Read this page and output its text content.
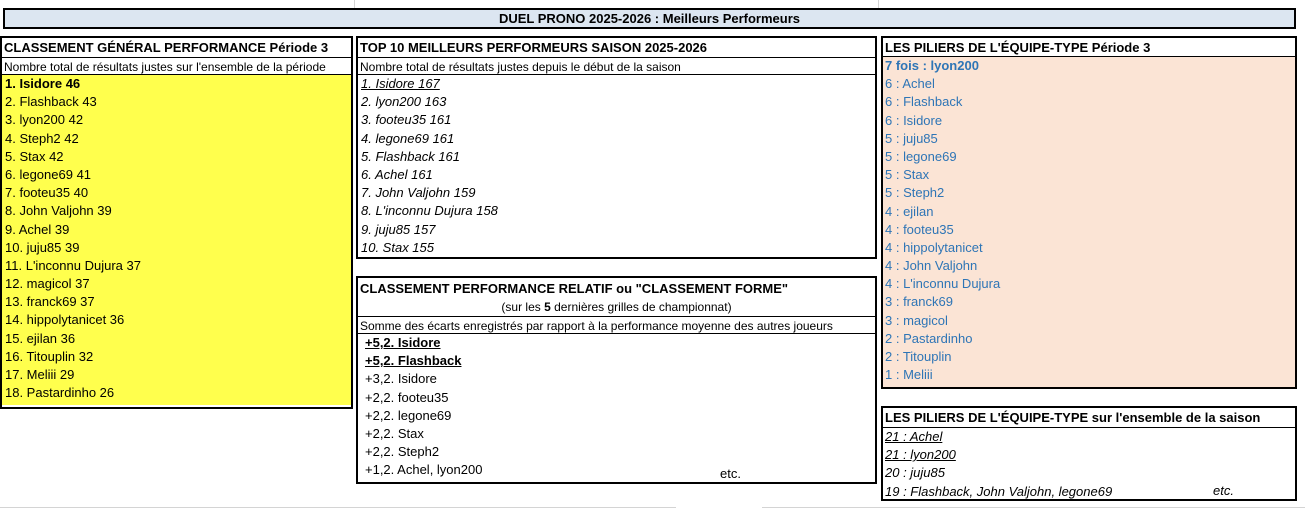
DUEL PRONO 2025-2026 : Meilleurs Performeurs
CLASSEMENT GÉNÉRAL PERFORMANCE Période 3
Nombre total de résultats justes sur l'ensemble de la période
1. Isidore 46
2. Flashback 43
3. lyon200 42
4. Steph2 42
5. Stax 42
6. legone69 41
7. footeu35 40
8. John Valjohn 39
9. Achel 39
10. juju85 39
11. L'inconnu Dujura 37
12. magicol 37
13. franck69 37
14. hippolytanicet 36
15. ejilan 36
16. Titouplin 32
17. Meliii 29
18. Pastardinho 26
TOP 10 MEILLEURS PERFORMEURS SAISON 2025-2026
Nombre total de résultats justes depuis le début de la saison
1. Isidore 167
2. lyon200 163
3. footeu35 161
4. legone69 161
5. Flashback 161
6. Achel 161
7. John Valjohn 159
8. L'inconnu Dujura 158
9. juju85 157
10. Stax 155
CLASSEMENT PERFORMANCE RELATIF ou "CLASSEMENT FORME"
(sur les 5 dernières grilles de championnat)
Somme des écarts enregistrés par rapport à la performance moyenne des autres joueurs
+5,2. Isidore
+5,2. Flashback
+3,2. Isidore
+2,2. footeu35
+2,2. legone69
+2,2. Stax
+2,2. Steph2
+1,2. Achel, lyon200	etc.
LES PILIERS DE L'ÉQUIPE-TYPE Période 3
7 fois : lyon200
6 : Achel
6 : Flashback
6 : Isidore
5 : juju85
5 : legone69
5 : Stax
5 : Steph2
4 : ejilan
4 : footeu35
4 : hippolytanicet
4 : John Valjohn
4 : L'inconnu Dujura
3 : franck69
3 : magicol
2 : Pastardinho
2 : Titouplin
1 : Meliii
LES PILIERS DE L'ÉQUIPE-TYPE sur l'ensemble de la saison
21 : Achel
21 : lyon200
20 : juju85
19 : Flashback, John Valjohn, legone69	etc.
